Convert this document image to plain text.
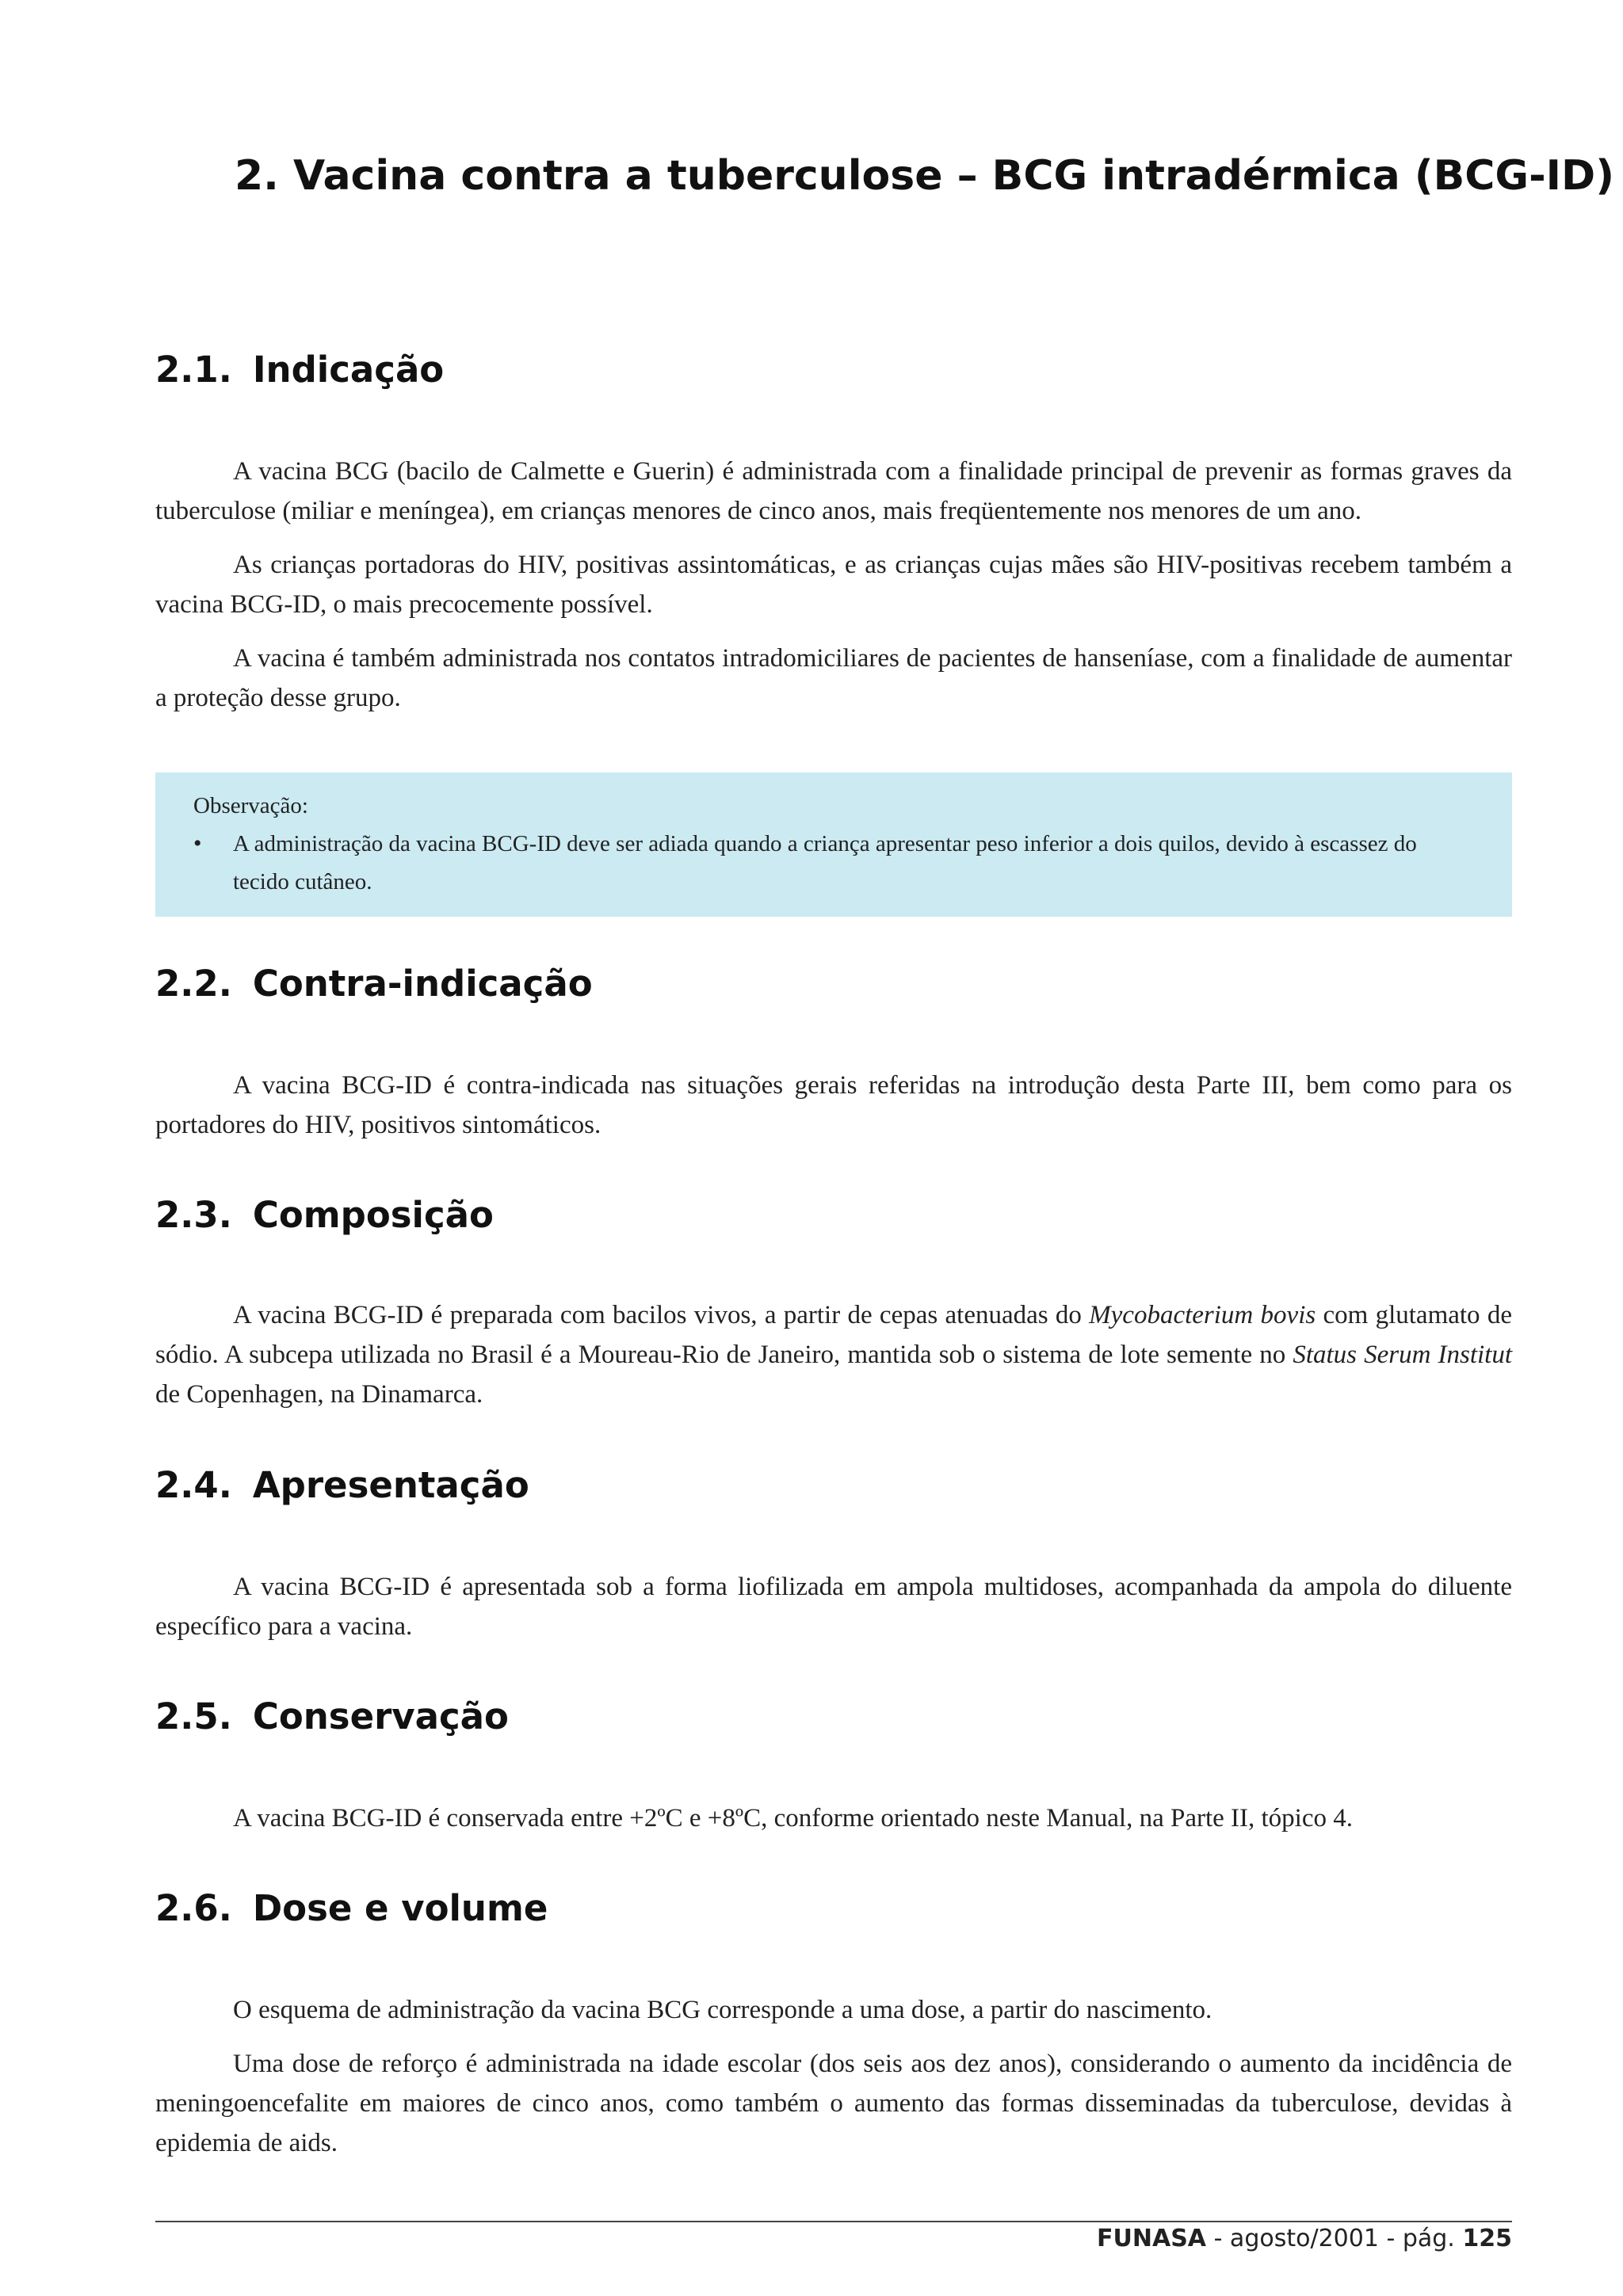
2. Vacina contra a tuberculose – BCG intradérmica (BCG-ID)
2.1. Indicação

A vacina BCG (bacilo de Calmette e Guerin) é administrada com a finalidade principal de prevenir as formas graves da tuberculose (miliar e meníngea), em crianças menores de cinco anos, mais freqüentemente nos menores de um ano.

As crianças portadoras do HIV, positivas assintomáticas, e as crianças cujas mães são HIV-positivas recebem também a vacina BCG-ID, o mais precocemente possível.

A vacina é também administrada nos contatos intradomiciliares de pacientes de hanseníase, com a finalidade de aumentar a proteção desse grupo.

Observação:

•	A administração da vacina BCG-ID deve ser adiada quando a criança apresentar peso inferior a dois quilos, devido à escassez do tecido cutâneo.
2.2. Contra-indicação

A vacina BCG-ID é contra-indicada nas situações gerais referidas na introdução desta Parte III, bem como para os portadores do HIV, positivos sintomáticos.

2.3. Composição

A vacina BCG-ID é preparada com bacilos vivos, a partir de cepas atenuadas do Mycobacterium bovis com glutamato de sódio. A subcepa utilizada no Brasil é a Moureau-Rio de Janeiro, mantida sob o sistema de lote semente no Status Serum Institut de Copenhagen, na Dinamarca.

2.4. Apresentação

A vacina BCG-ID é apresentada sob a forma liofilizada em ampola multidoses, acompanhada da ampola do diluente específico para a vacina.

2.5. Conservação

A vacina BCG-ID é conservada entre +2ºC e +8ºC, conforme orientado neste Manual, na Parte II, tópico 4.

2.6. Dose e volume

O esquema de administração da vacina BCG corresponde a uma dose, a partir do nascimento.

Uma dose de reforço é administrada na idade escolar (dos seis aos dez anos), considerando o aumento da incidência de meningoencefalite em maiores de cinco anos, como também o aumento das formas disseminadas da tuberculose, devidas à epidemia de aids.

FUNASA - agosto/2001 - pág. 125
